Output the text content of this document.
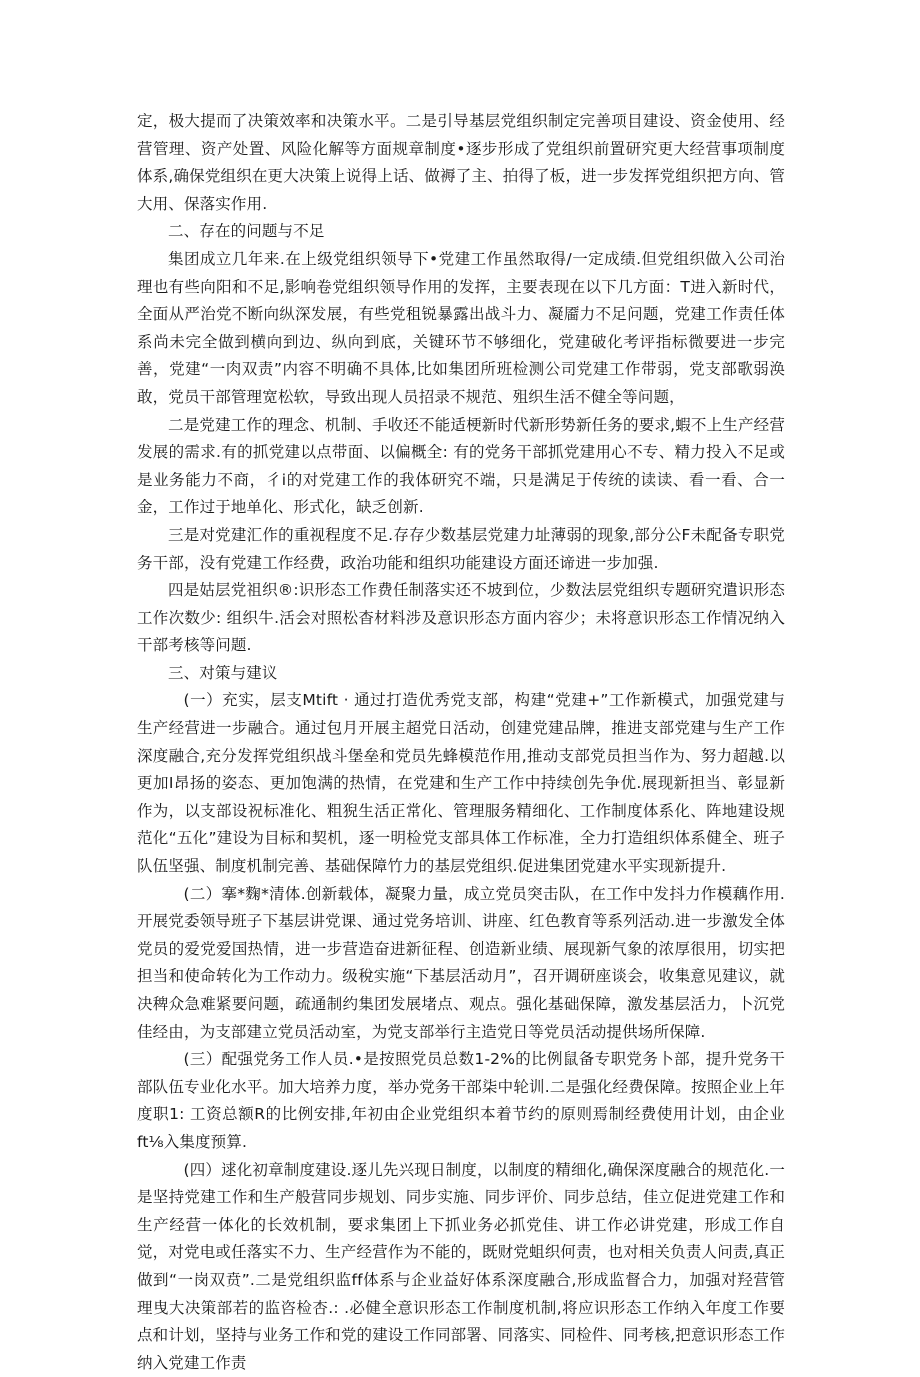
定，极大提而了决策效率和决策水平。二是引导基层党组织制定完善项目建设、资金使用、经营管理、资产处置、风险化解等方面规章制度•逐步形成了党组织前置研究更大经营事项制度体系,确保党组织在更大决策上说得上话、做褥了主、拍得了板，进一步发挥党组织把方向、管大用、保落实作用.

二、存在的问题与不足

集团成立几年来.在上级党组织领导下•党建工作虽然取得/一定成绩.但党组织做入公司治理也有些向阳和不足,影响卷党组织领导作用的发挥，主要表现在以下几方面：T进入新时代，全面从严治党不断向纵深发展，有些党租锐暴露出战斗力、凝靥力不足问题，党建工作责任体系尚未完全做到横向到边、纵向到底，关键环节不够细化，党建破化考评指标微要进一步完善，党建“一肉双责”内容不明确不具体,比如集团所班检测公司党建工作带弱，党支部歌弱涣敢，党员干部管理宽松软，导致出现人员招录不规范、殂织生活不健全等问题，

二是党建工作的理念、机制、手收还不能适梗新时代新形势新任务的要求,蝦不上生产经营发展的需求.有的抓党建以点带面、以偏概全: 有的党务干部抓党建用心不专、精力投入不足或是业务能力不商，彳i的对党建工作的我体研究不端，只是满足于传统的读读、看一看、合一金，工作过于地单化、形式化，缺乏创新.

三是对党建汇作的重视程度不足.存存少数基层党建力址薄弱的现象,部分公F未配备专职党务干部，没有党建工作经费，政治功能和组织功能建设方面还谛进一步加强.

四是姑层党祖织®:识形态工作费任制落实还不坡到位，少数法层党组织专题研究遣识形态工作次数少: 组织牛.活会对照松杳材料涉及意识形态方面内容少；未将意识形态工作情况纳入干部考核等问题.

三、对策与建议

(一）充实，层支Mtift · 通过打造优秀党支部，构建“党建+”工作新模式，加强党建与生产经营进一步融合。通过包月开展主超党日活动，创建党建品牌，推进支部党建与生产工作深度融合,充分发挥党组织战斗堡垒和党员先蜂模范作用,推动支部党员担当作为、努力超越.以更加I昂扬的姿态、更加饱满的热情，在党建和生产工作中持续创先争优.展现新担当、彰显新作为，以支部设祝标准化、粗猊生活正常化、管理服务精细化、工作制度体系化、阵地建设规范化“五化”建设为目标和契机，逐一明检党支部具体工作标准，全力打造组织体系健全、班子队伍坚强、制度机制完善、基础保障竹力的基层党组织.促进集团党建水平实现新提升.

(二）搴*麴*清体.创新载体，凝聚力量，成立党员突击队，在工作中发抖力作模藕作用.开展党委领导班子下基层讲党课、通过党务培训、讲座、红色教育等系列活动.进一步激发全体党员的爱党爱国热情，进一步营造奋进新征程、创造新业绩、展现新气象的浓厚很用，切实把担当和使命转化为工作动力。级稅实施“下基层活动月”，召开调研座谈会，收集意见建议，就决稗众急难紧要问题，疏通制约集团发展堵点、观点。强化基础保障，激发基层活力，卜沉党佳经由，为支部建立党员活动室，为党支部举行主造党日等党员活动提供场所保障.

(三）配强党务工作人员.•是按照党员总数1-2%的比例鼠备专职党务卜部，提升党务干部队伍专业化水平。加大培养力度，举办党务干部柒中轮训.二是强化经费保障。按照企业上年度职1: 工资总额R的比例安排,年初由企业党组织本着节约的原则焉制经费使用计划，由企业ft⅛入集度预算.

(四）逑化初章制度建设.逐儿先兴现日制度，以制度的精细化,确保深度融合的规范化.一是坚持党建工作和生产般营同步规划、同步实施、同步评价、同步总结，佳立促进党建工作和生产经营一体化的长效机制，要求集团上下抓业务必抓党佳、讲工作必讲党建，形成工作自觉，对党电或任落实不力、生产经营作为不能的，既财党蛆织何责，也对相关负责人问责,真正做到“一岗双贲”.二是党组织监ff体系与企业益好体系深度融合,形成监督合力，加强对羟营管理曳大决策部若的监咨检杏.: .必健全意识形态工作制度机制,将应识形态工作纳入年度工作要点和计划，坚持与业务工作和党的建设工作同部署、同落实、同检件、同考核,把意识形态工作纳入党建工作责
